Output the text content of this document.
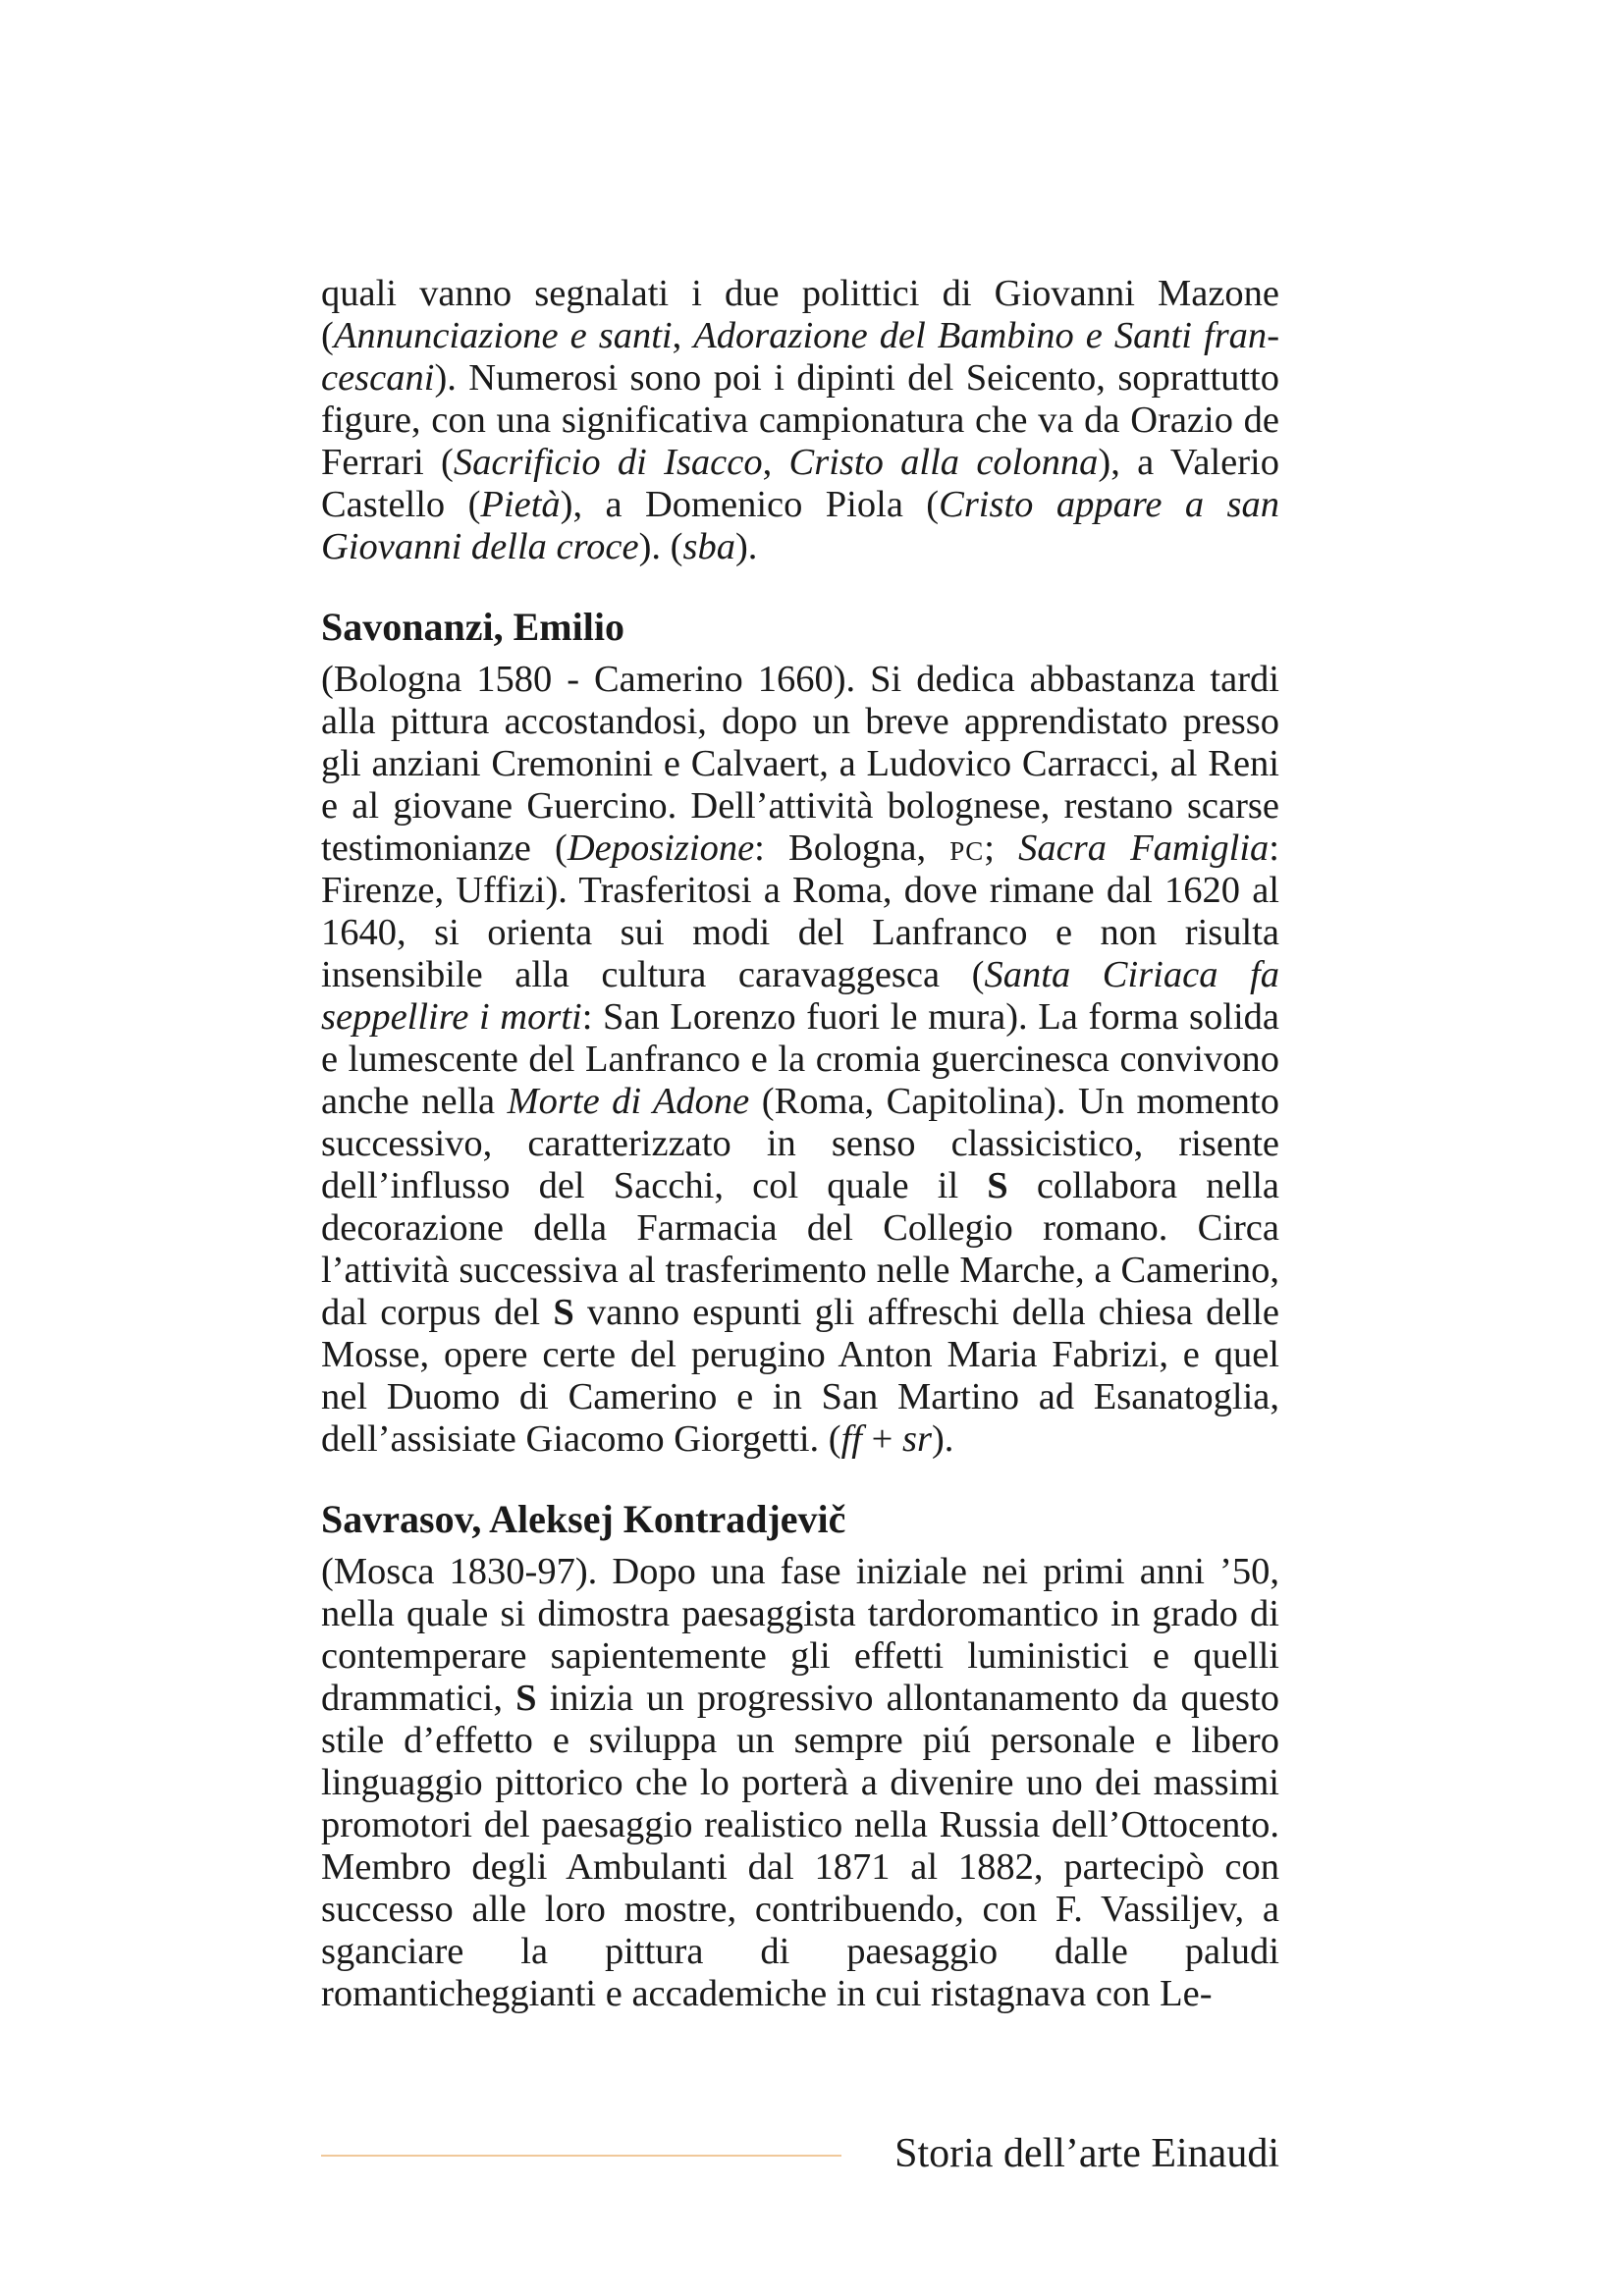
quali vanno segnalati i due polittici di Giovanni Mazone (Annunciazione e santi, Adorazione del Bambino e Santi francescani). Numerosi sono poi i dipinti del Seicento, soprattutto figure, con una significativa campionatura che va da Orazio de Ferrari (Sacrificio di Isacco, Cristo alla colonna), a Valerio Castello (Pietà), a Domenico Piola (Cristo appare a san Giovanni della croce). (sba).

Savonanzi, Emilio

(Bologna 1580 - Camerino 1660). Si dedica abbastanza tardi alla pittura accostandosi, dopo un breve apprendistato presso gli anziani Cremonini e Calvaert, a Ludovico Carracci, al Reni e al giovane Guercino. Dell’attività bolognese, restano scarse testimonianze (Deposizione: Bologna, pc; Sacra Famiglia: Firenze, Uffizi). Trasferitosi a Roma, dove rimane dal 1620 al 1640, si orienta sui modi del Lanfranco e non risulta insensibile alla cultura caravaggesca (Santa Ciriaca fa seppellire i morti: San Lorenzo fuori le mura). La forma solida e lumescente del Lanfranco e la cromia guercinesca convivono anche nella Morte di Adone (Roma, Capitolina). Un momento successivo, caratterizzato in senso classicistico, risente dell’influsso del Sacchi, col quale il S collabora nella decorazione della Farmacia del Collegio romano. Circa l’attività successiva al trasferimento nelle Marche, a Camerino, dal corpus del S vanno espunti gli affreschi della chiesa delle Mosse, opere certe del perugino Anton Maria Fabrizi, e quel nel Duomo di Camerino e in San Martino ad Esanatoglia, dell’assisiate Giacomo Giorgetti. (ff + sr).

Savrasov, Aleksej Kontradjevič

(Mosca 1830-97). Dopo una fase iniziale nei primi anni ’50, nella quale si dimostra paesaggista tardoromantico in grado di contemperare sapientemente gli effetti luministici e quelli drammatici, S inizia un progressivo allontanamento da questo stile d’effetto e sviluppa un sempre piú personale e libero linguaggio pittorico che lo porterà a divenire uno dei massimi promotori del paesaggio realistico nella Russia dell’Ottocento. Membro degli Ambulanti dal 1871 al 1882, partecipò con successo alle loro mostre, contribuendo, con F. Vassiljev, a sganciare la pittura di paesaggio dalle paludi romanticheggianti e accademiche in cui ristagnava con Le-

Storia dell’arte Einaudi
